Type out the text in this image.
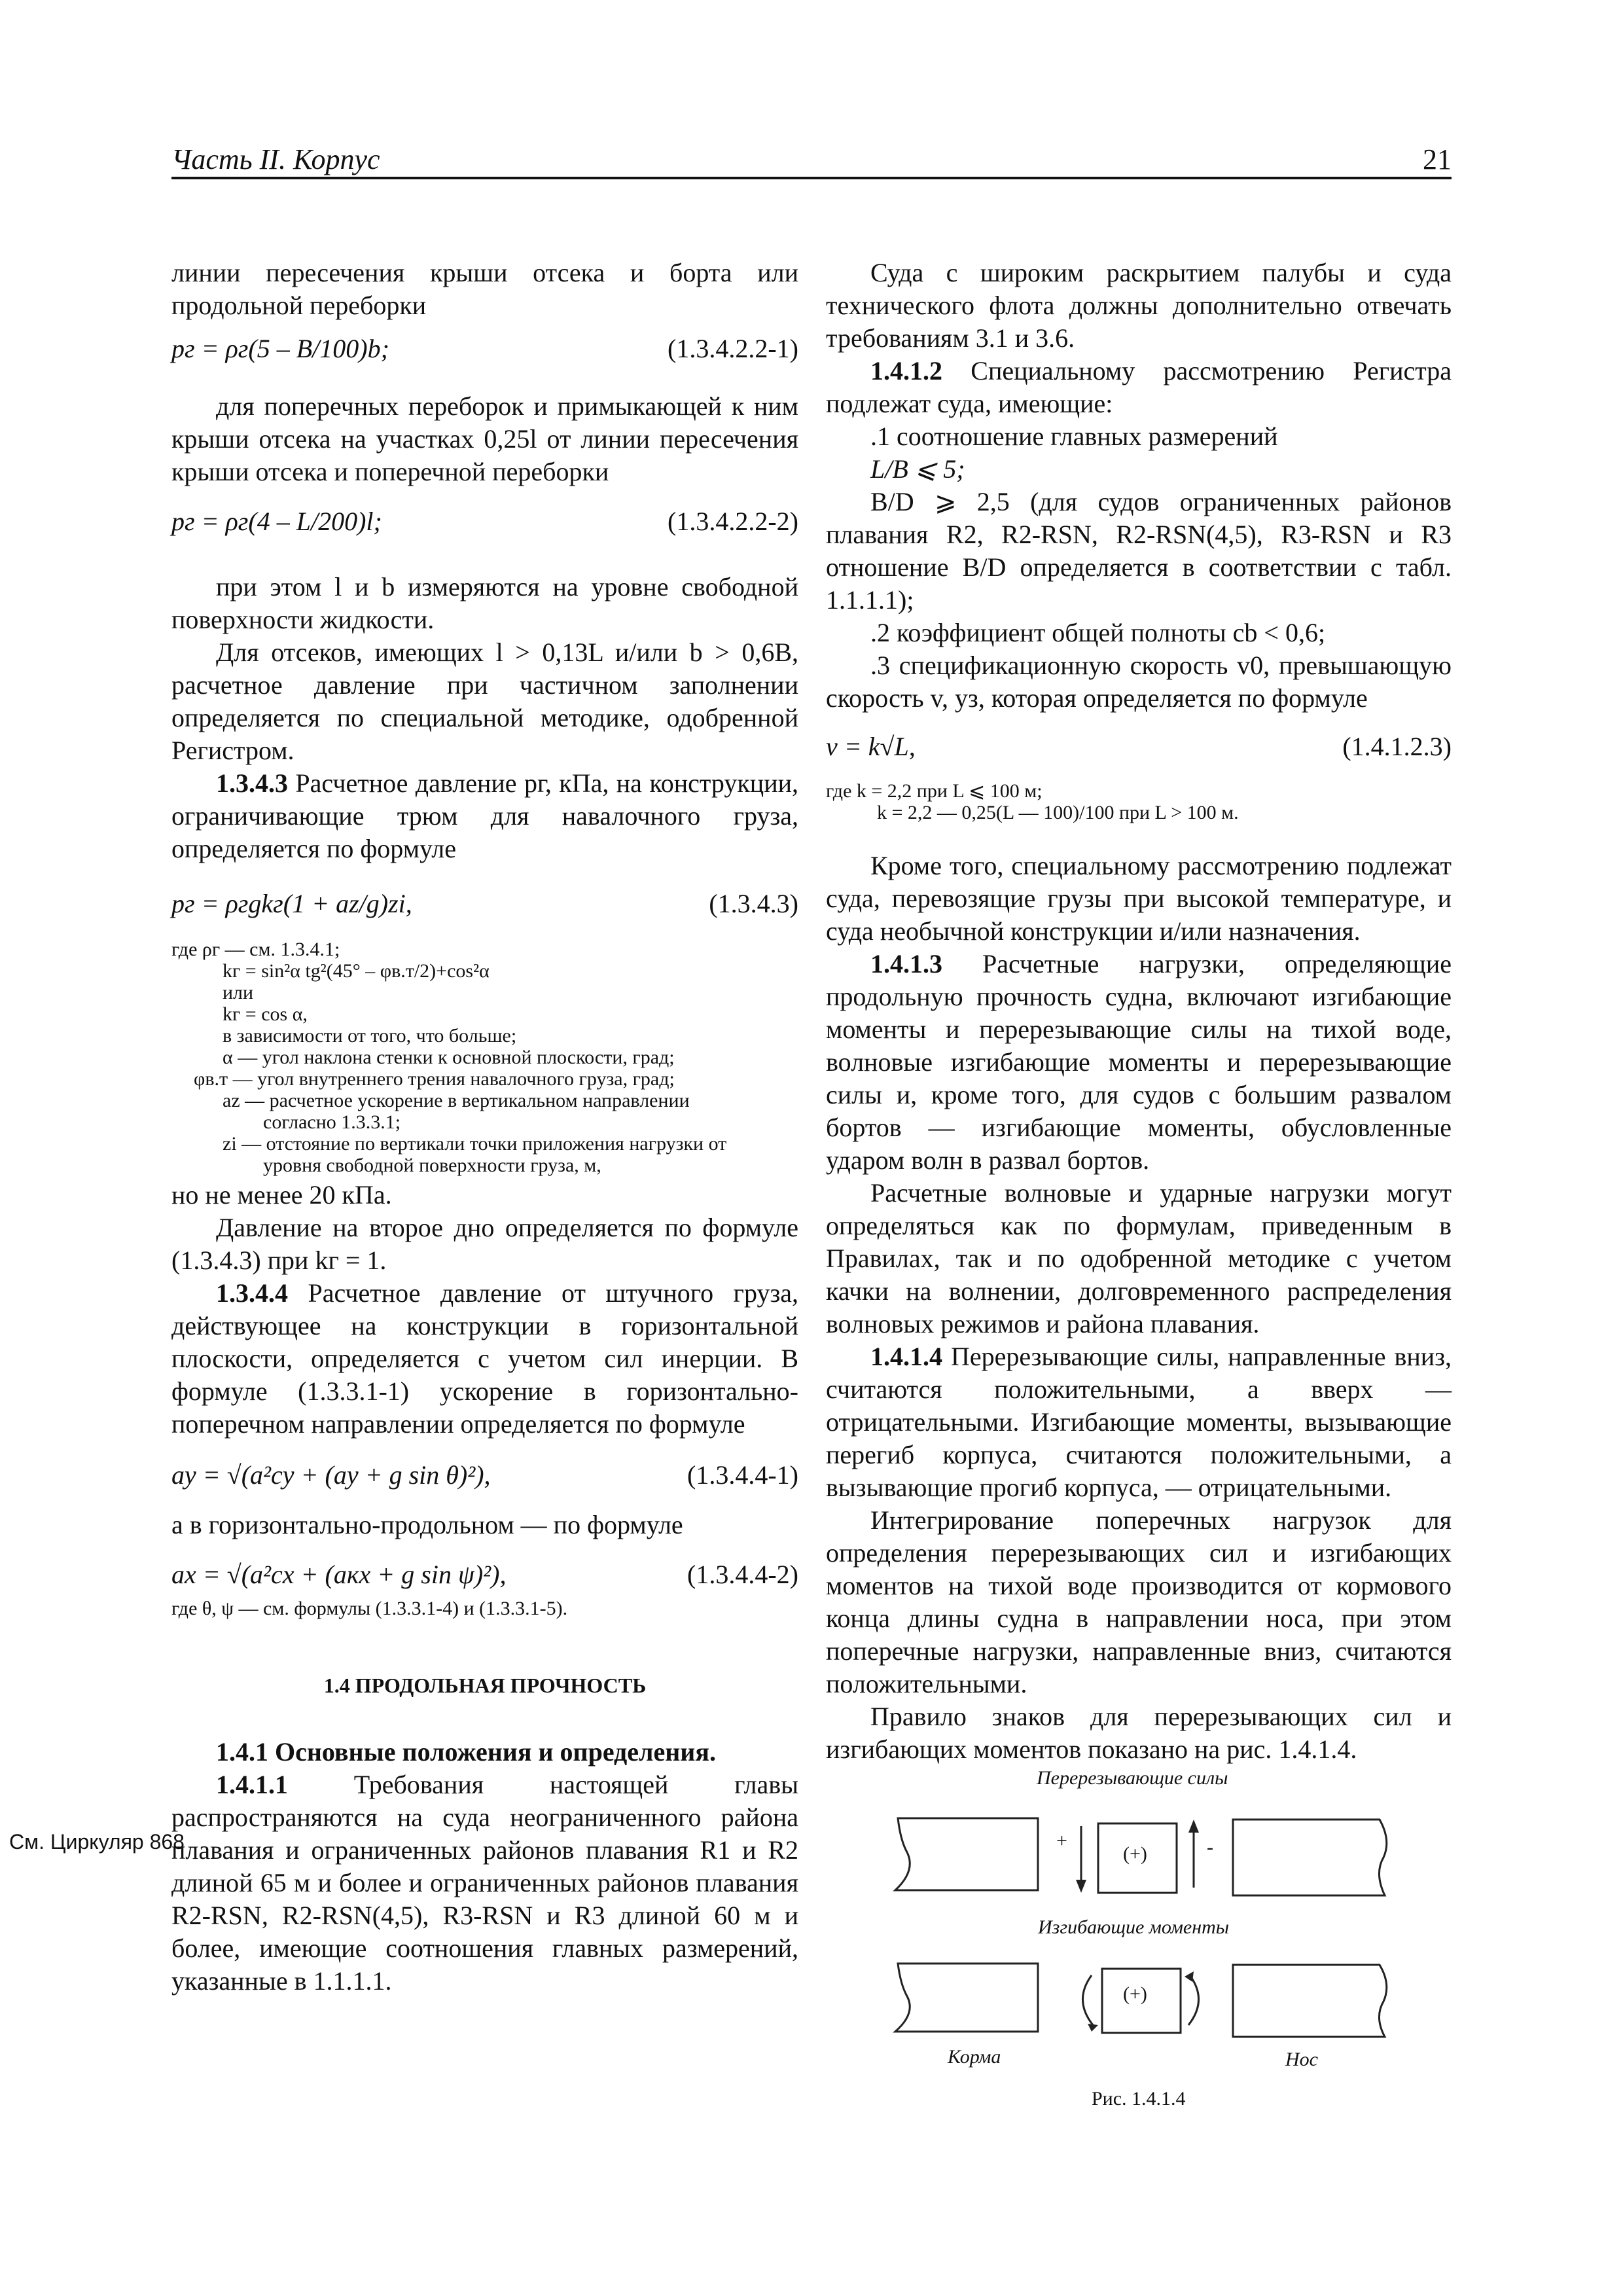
Часть II. Корпус	21

линии пересечения крыши отсека и борта или продольной переборки

pг = ρг(5 – B/100)b;	(1.3.4.2.2-1)

для поперечных переборок и примыкающей к ним крыши отсека на участках 0,25l от линии пересечения крыши отсека и поперечной переборки

pг = ρг(4 – L/200)l;	(1.3.4.2.2-2)

при этом l и b измеряются на уровне свободной поверхности жидкости.

Для отсеков, имеющих l > 0,13L и/или b > 0,6B, расчетное давление при частичном заполнении определяется по специальной методике, одобренной Регистром.

1.3.4.3 Расчетное давление pг, кПа, на конструкции, ограничивающие трюм для навалочного груза, определяется по формуле

pг = ρгgkг(1 + az/g)zi,	(1.3.4.3)
где ρг — см. 1.3.4.1;
kг = sin²α tg²(45° – φв.т/2)+cos²α
или
kг = cos α,
в зависимости от того, что больше;
α — угол наклона стенки к основной плоскости, град;
φв.т — угол внутреннего трения навалочного груза, град;
az — расчетное ускорение в вертикальном направлении
согласно 1.3.3.1;
zi — отстояние по вертикали точки приложения нагрузки от
уровня свободной поверхности груза, м,

но не менее 20 кПа.

Давление на второе дно определяется по формуле (1.3.4.3) при kг = 1.

1.3.4.4 Расчетное давление от штучного груза, действующее на конструкции в горизонтальной плоскости, определяется с учетом сил инерции. В формуле (1.3.3.1-1) ускорение в горизонтально-поперечном направлении определяется по формуле

ay = √(a²cy + (ay + g sin θ)²),	(1.3.4.4-1)

а в горизонтально-продольном — по формуле

ax = √(a²cx + (aкx + g sin ψ)²),	(1.3.4.4-2)
где θ, ψ — см. формулы (1.3.3.1-4) и (1.3.3.1-5).
1.4 ПРОДОЛЬНАЯ ПРОЧНОСТЬ

1.4.1 Основные положения и определения.

1.4.1.1 Требования настоящей главы распространяются на суда неограниченного района плавания и ограниченных районов плавания R1 и R2 длиной 65 м и более и ограниченных районов плавания R2-RSN, R2-RSN(4,5), R3-RSN и R3 длиной 60 м и более, имеющие соотношения главных размерений, указанные в 1.1.1.1.

См. Циркуляр 868

Суда с широким раскрытием палубы и суда технического флота должны дополнительно отвечать требованиям 3.1 и 3.6.

1.4.1.2 Специальному рассмотрению Регистра подлежат суда, имеющие:

.1 соотношение главных размерений

L/B ⩽ 5;

B/D ⩾ 2,5 (для судов ограниченных районов плавания R2, R2-RSN, R2-RSN(4,5), R3-RSN и R3 отношение B/D определяется в соответствии с табл. 1.1.1.1);

.2 коэффициент общей полноты cb < 0,6;

.3 спецификационную скорость v0, превышающую скорость v, уз, которая определяется по формуле

v = k√L,	(1.4.1.2.3)
где k = 2,2 при L ⩽ 100 м;
k = 2,2 — 0,25(L — 100)/100 при L > 100 м.

Кроме того, специальному рассмотрению подлежат суда, перевозящие грузы при высокой температуре, и суда необычной конструкции и/или назначения.

1.4.1.3 Расчетные нагрузки, определяющие продольную прочность судна, включают изгибающие моменты и перерезывающие силы на тихой воде, волновые изгибающие моменты и перерезывающие силы и, кроме того, для судов с большим развалом бортов — изгибающие моменты, обусловленные ударом волн в развал бортов.

Расчетные волновые и ударные нагрузки могут определяться как по формулам, приведенным в Правилах, так и по одобренной методике с учетом качки на волнении, долговременного распределения волновых режимов и района плавания.

1.4.1.4 Перерезывающие силы, направленные вниз, считаются положительными, а вверх — отрицательными. Изгибающие моменты, вызывающие перегиб корпуса, считаются положительными, а вызывающие прогиб корпуса, — отрицательными.

Интегрирование поперечных нагрузок для определения перерезывающих сил и изгибающих моментов на тихой воде производится от кормового конца длины судна в направлении носа, при этом поперечные нагрузки, направленные вниз, считаются положительными.

Правило знаков для перерезывающих сил и изгибающих моментов показано на рис. 1.4.1.4.

Перерезывающие силы
Изгибающие моменты
+	-
(+)
(+)
Корма	Нос
Рис. 1.4.1.4
